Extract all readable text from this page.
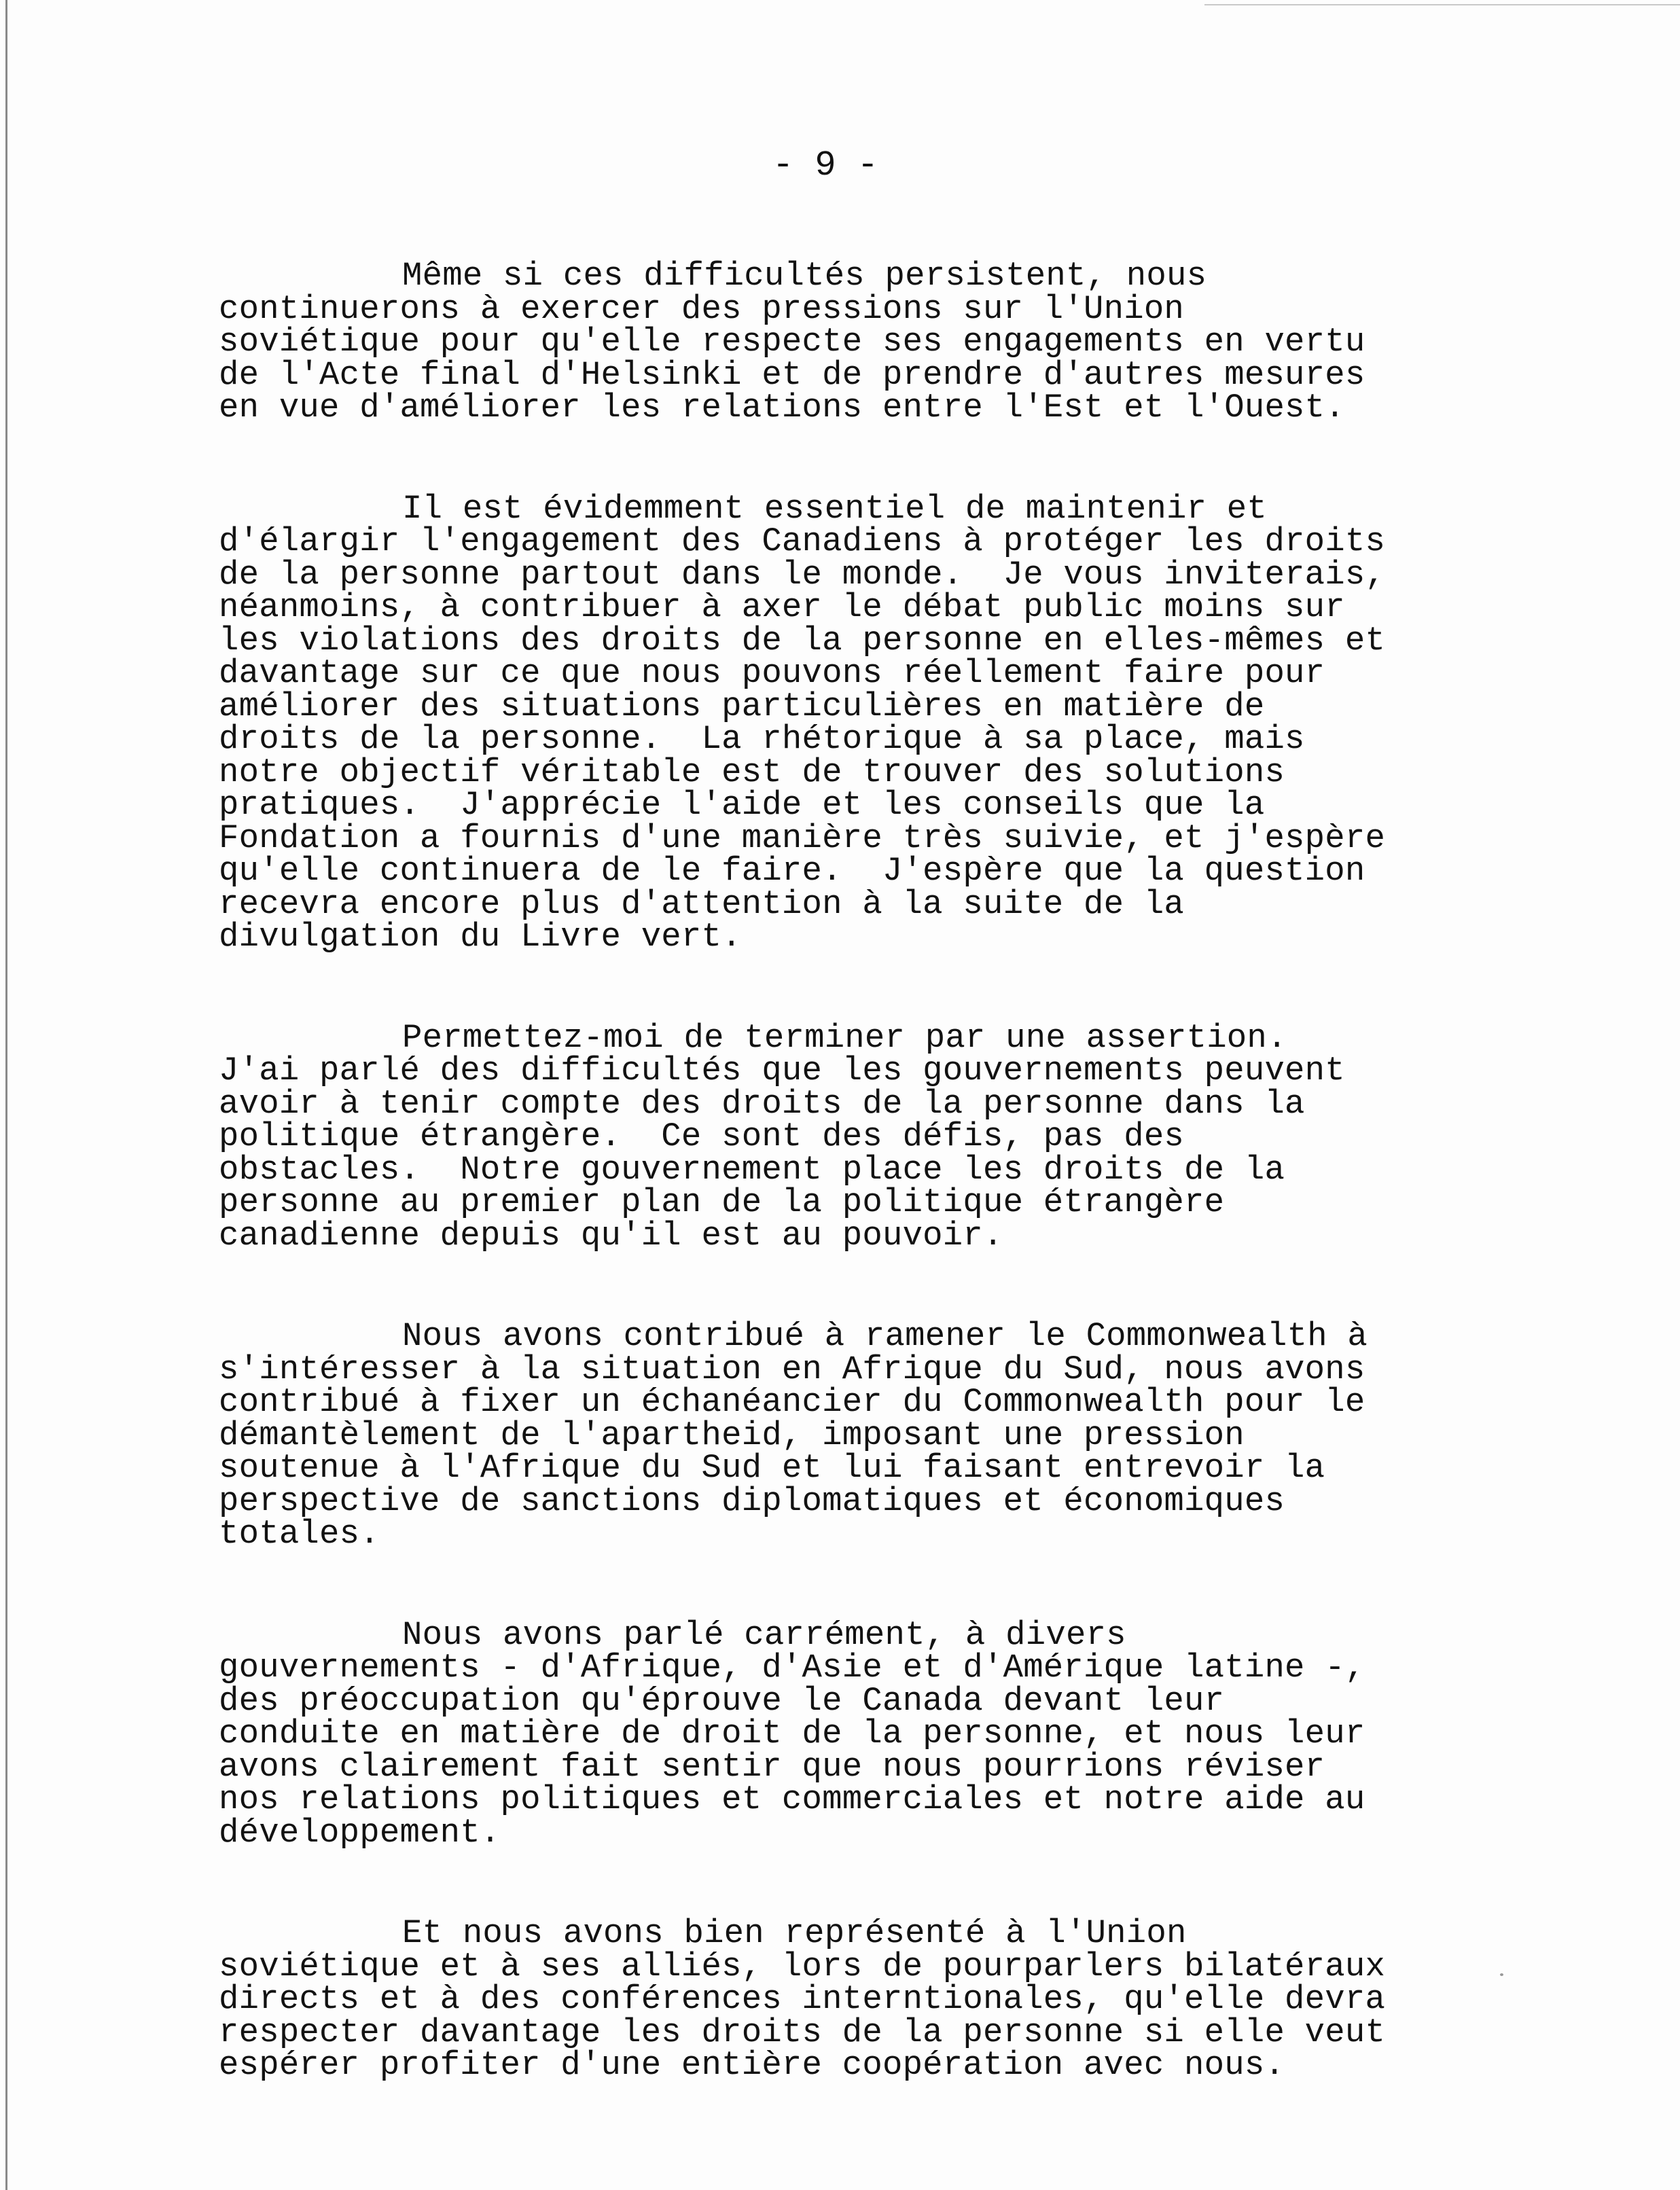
- 9 -
Même si ces difficultés persistent, nous
continuerons à exercer des pressions sur l'Union
soviétique pour qu'elle respecte ses engagements en vertu
de l'Acte final d'Helsinki et de prendre d'autres mesures
en vue d'améliorer les relations entre l'Est et l'Ouest.
Il est évidemment essentiel de maintenir et
d'élargir l'engagement des Canadiens à protéger les droits
de la personne partout dans le monde.  Je vous inviterais,
néanmoins, à contribuer à axer le débat public moins sur
les violations des droits de la personne en elles-mêmes et
davantage sur ce que nous pouvons réellement faire pour
améliorer des situations particulières en matière de
droits de la personne.  La rhétorique à sa place, mais
notre objectif véritable est de trouver des solutions
pratiques.  J'apprécie l'aide et les conseils que la
Fondation a fournis d'une manière très suivie, et j'espère
qu'elle continuera de le faire.  J'espère que la question
recevra encore plus d'attention à la suite de la
divulgation du Livre vert.
Permettez-moi de terminer par une assertion.
J'ai parlé des difficultés que les gouvernements peuvent
avoir à tenir compte des droits de la personne dans la
politique étrangère.  Ce sont des défis, pas des
obstacles.  Notre gouvernement place les droits de la
personne au premier plan de la politique étrangère
canadienne depuis qu'il est au pouvoir.
Nous avons contribué à ramener le Commonwealth à
s'intéresser à la situation en Afrique du Sud, nous avons
contribué à fixer un échanéancier du Commonwealth pour le
démantèlement de l'apartheid, imposant une pression
soutenue à l'Afrique du Sud et lui faisant entrevoir la
perspective de sanctions diplomatiques et économiques
totales.
Nous avons parlé carrément, à divers
gouvernements - d'Afrique, d'Asie et d'Amérique latine -,
des préoccupation qu'éprouve le Canada devant leur
conduite en matière de droit de la personne, et nous leur
avons clairement fait sentir que nous pourrions réviser
nos relations politiques et commerciales et notre aide au
développement.
Et nous avons bien représenté à l'Union
soviétique et à ses alliés, lors de pourparlers bilatéraux
directs et à des conférences interntionales, qu'elle devra
respecter davantage les droits de la personne si elle veut
espérer profiter d'une entière coopération avec nous.
